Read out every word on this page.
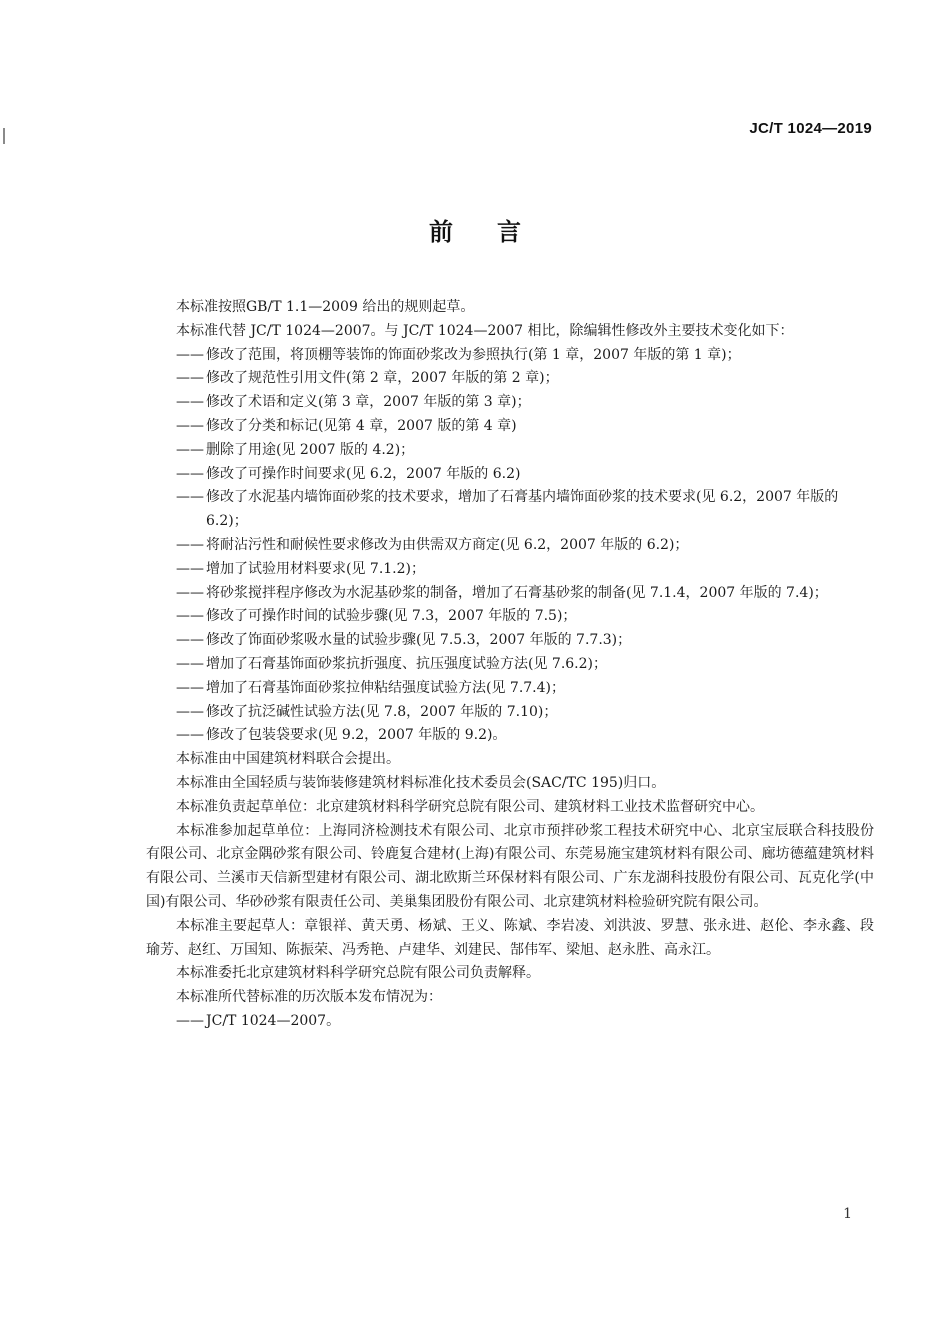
JC/T 1024—2019
前言

本标准按照GB/T 1.1—2009 给出的规则起草。

本标准代替 JC/T 1024—2007。与 JC/T 1024—2007 相比，除编辑性修改外主要技术变化如下：

—— 修改了范围，将顶棚等装饰的饰面砂浆改为参照执行(第 1 章，2007 年版的第 1 章)；
—— 修改了规范性引用文件(第 2 章，2007 年版的第 2 章)；
—— 修改了术语和定义(第 3 章，2007 年版的第 3 章)；
—— 修改了分类和标记(见第 4 章，2007 版的第 4 章)
—— 删除了用途(见 2007 版的 4.2)；
—— 修改了可操作时间要求(见 6.2，2007 年版的 6.2)
—— 修改了水泥基内墙饰面砂浆的技术要求，增加了石膏基内墙饰面砂浆的技术要求(见 6.2，2007 年版的 6.2)；
—— 将耐沾污性和耐候性要求修改为由供需双方商定(见 6.2，2007 年版的 6.2)；
—— 增加了试验用材料要求(见 7.1.2)；
—— 将砂浆搅拌程序修改为水泥基砂浆的制备，增加了石膏基砂浆的制备(见 7.1.4，2007 年版的 7.4)；
—— 修改了可操作时间的试验步骤(见 7.3，2007 年版的 7.5)；
—— 修改了饰面砂浆吸水量的试验步骤(见 7.5.3，2007 年版的 7.7.3)；
—— 增加了石膏基饰面砂浆抗折强度、抗压强度试验方法(见 7.6.2)；
—— 增加了石膏基饰面砂浆拉伸粘结强度试验方法(见 7.7.4)；
—— 修改了抗泛碱性试验方法(见 7.8，2007 年版的 7.10)；
—— 修改了包装袋要求(见 9.2，2007 年版的 9.2)。

本标准由中国建筑材料联合会提出。

本标准由全国轻质与装饰装修建筑材料标准化技术委员会(SAC/TC 195)归口。

本标准负责起草单位：北京建筑材料科学研究总院有限公司、建筑材料工业技术监督研究中心。

本标准参加起草单位：上海同济检测技术有限公司、北京市预拌砂浆工程技术研究中心、北京宝辰联合科技股份有限公司、北京金隅砂浆有限公司、铃鹿复合建材(上海)有限公司、东莞易施宝建筑材料有限公司、廊坊德蕴建筑材料有限公司、兰溪市天信新型建材有限公司、湖北欧斯兰环保材料有限公司、广东龙湖科技股份有限公司、瓦克化学(中国)有限公司、华砂砂浆有限责任公司、美巢集团股份有限公司、北京建筑材料检验研究院有限公司。

本标准主要起草人：章银祥、黄天勇、杨斌、王义、陈斌、李岩凌、刘洪波、罗慧、张永进、赵伦、李永鑫、段瑜芳、赵红、万国知、陈振荣、冯秀艳、卢建华、刘建民、郜伟军、梁旭、赵永胜、高永江。

本标准委托北京建筑材料科学研究总院有限公司负责解释。

本标准所代替标准的历次版本发布情况为：

—— JC/T 1024—2007。
1
